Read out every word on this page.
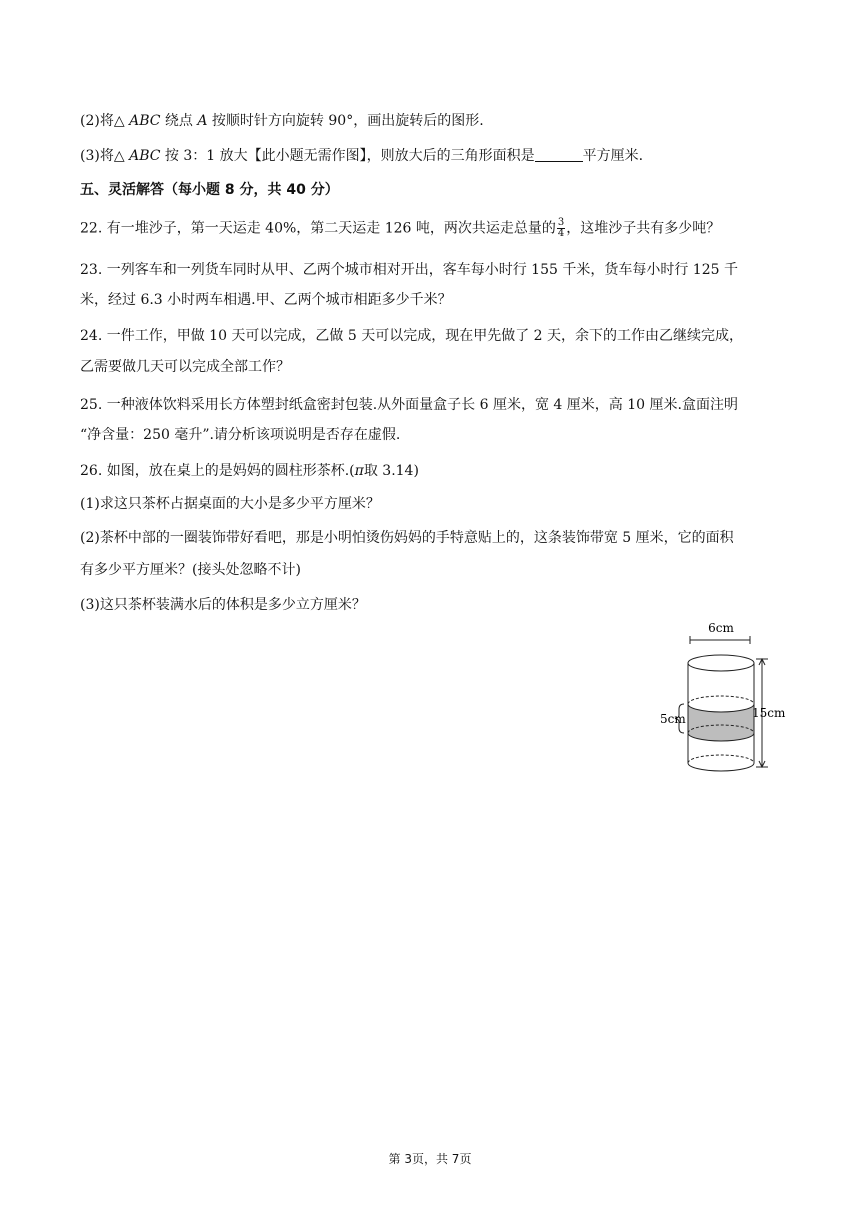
(2)将△ ABC 绕点 A 按顺时针方向旋转 90°，画出旋转后的图形.
(3)将△ ABC 按 3：1 放大【此小题无需作图】，则放大后的三角形面积是	平方厘米.
五、灵活解答（每小题 8 分，共 40 分）
22. 有一堆沙子，第一天运走 40%，第二天运走 126 吨，两次共运走总量的 $\frac{3}{4}$ ，这堆沙子共有多少吨？
23. 一列客车和一列货车同时从甲、乙两个城市相对开出，客车每小时行 155 千米，货车每小时行 125 千
米，经过 6.3 小时两车相遇.甲、乙两个城市相距多少千米？
24. 一件工作，甲做 10 天可以完成，乙做 5 天可以完成，现在甲先做了 2 天，余下的工作由乙继续完成，
乙需要做几天可以完成全部工作？
25. 一种液体饮料采用长方体塑封纸盒密封包装.从外面量盒子长 6 厘米，宽 4 厘米，高 10 厘米.盒面注明
“净含量：250 毫升”.请分析该项说明是否存在虚假.
26. 如图，放在桌上的是妈妈的圆柱形茶杯.(π取 3.14)
(1)求这只茶杯占据桌面的大小是多少平方厘米？
(2)茶杯中部的一圈装饰带好看吧，那是小明怕烫伤妈妈的手特意贴上的，这条装饰带宽 5 厘米，它的面积
有多少平方厘米？(接头处忽略不计)
(3)这只茶杯装满水后的体积是多少立方厘米？
6cm
15cm
5cm
第 3页，共 7页
